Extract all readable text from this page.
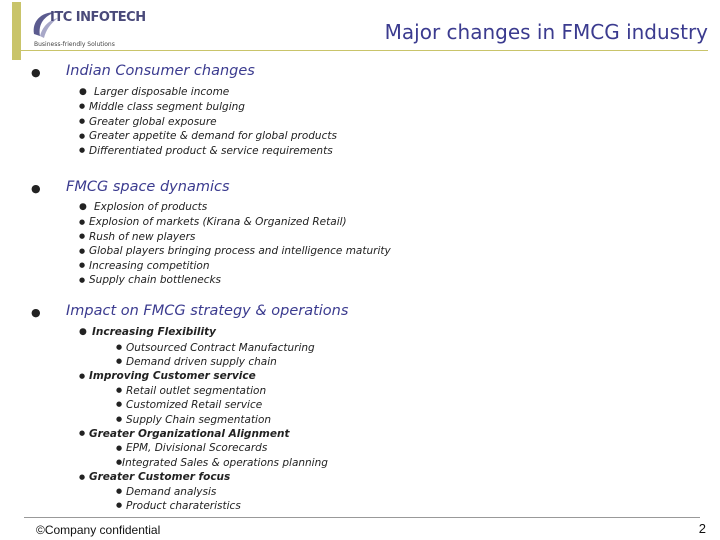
ITC INFOTECH
Business-friendly Solutions
Major changes in FMCG industry
● Indian Consumer changes
● Larger disposable income
● Middle class segment bulging
● Greater global exposure
● Greater appetite & demand for global products
● Differentiated product & service requirements
● FMCG space dynamics
● Explosion of products
● Explosion of markets (Kirana & Organized Retail)
● Rush of new players
● Global players bringing process and intelligence maturity
● Increasing competition
● Supply chain bottlenecks
● Impact on FMCG strategy & operations
● Increasing Flexibility
● Outsourced Contract Manufacturing
● Demand driven supply chain
● Improving Customer service
● Retail outlet segmentation
● Customized Retail service
● Supply Chain segmentation
● Greater Organizational Alignment
● EPM, Divisional Scorecards
● Integrated Sales & operations planning
● Greater Customer focus
● Demand analysis
● Product charateristics
©Company confidential	2
